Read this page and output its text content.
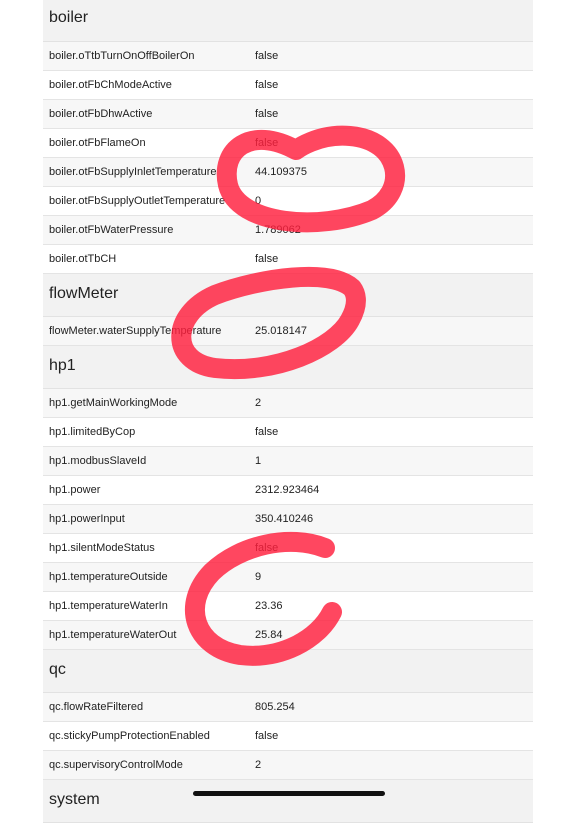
boiler
boiler.oTtbTurnOnOffBoilerOn	false
boiler.otFbChModeActive	false
boiler.otFbDhwActive	false
boiler.otFbFlameOn	false
boiler.otFbSupplyInletTemperature	44.109375
boiler.otFbSupplyOutletTemperature	0
boiler.otFbWaterPressure	1.789062
boiler.otTbCH	false
flowMeter
flowMeter.waterSupplyTemperature	25.018147
hp1
hp1.getMainWorkingMode	2
hp1.limitedByCop	false
hp1.modbusSlaveId	1
hp1.power	2312.923464
hp1.powerInput	350.410246
hp1.silentModeStatus	false
hp1.temperatureOutside	9
hp1.temperatureWaterIn	23.36
hp1.temperatureWaterOut	25.84
qc
qc.flowRateFiltered	805.254
qc.stickyPumpProtectionEnabled	false
qc.supervisoryControlMode	2
system
